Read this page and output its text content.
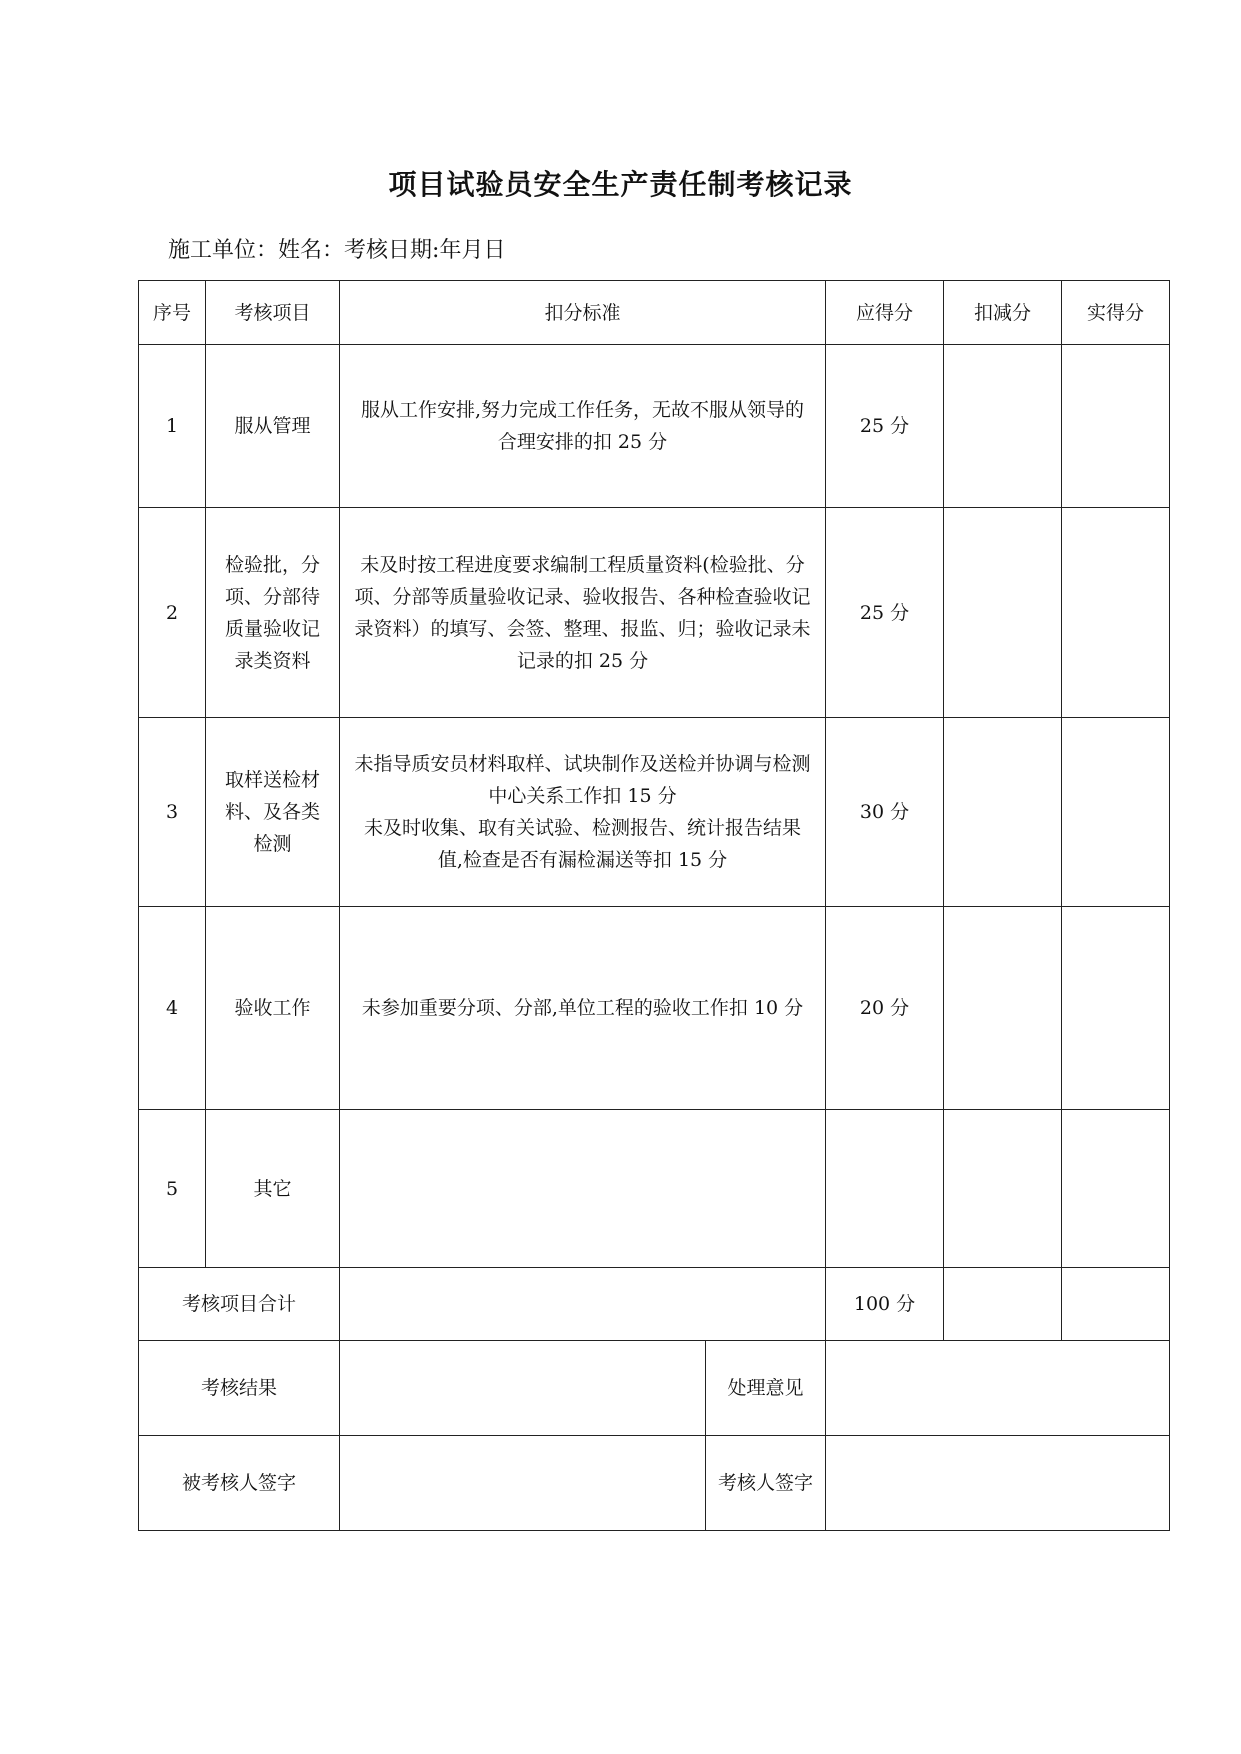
项目试验员安全生产责任制考核记录
施工单位：姓名：考核日期:年月日
序号	考核项目	扣分标准		应得分	扣减分	实得分
1	服从管理	服从工作安排,努力完成工作任务，无故不服从领导的合理安排的扣 25 分		25 分		
2	检验批，分项、分部待质量验收记录类资料	未及时按工程进度要求编制工程质量资料(检验批、分项、分部等质量验收记录、验收报告、各种检查验收记录资料）的填写、会签、整理、报监、归；验收记录未记录的扣 25 分		25 分		
3	取样送检材料、及各类检测	未指导质安员材料取样、试块制作及送检并协调与检测中心关系工作扣 15 分
未及时收集、取有关试验、检测报告、统计报告结果值,检查是否有漏检漏送等扣 15 分		30 分		
4	验收工作	未参加重要分项、分部,单位工程的验收工作扣 10 分		20 分		
5	其它					
考核项目合计				100 分		
考核结果			处理意见			
被考核人签字			考核人签字			
